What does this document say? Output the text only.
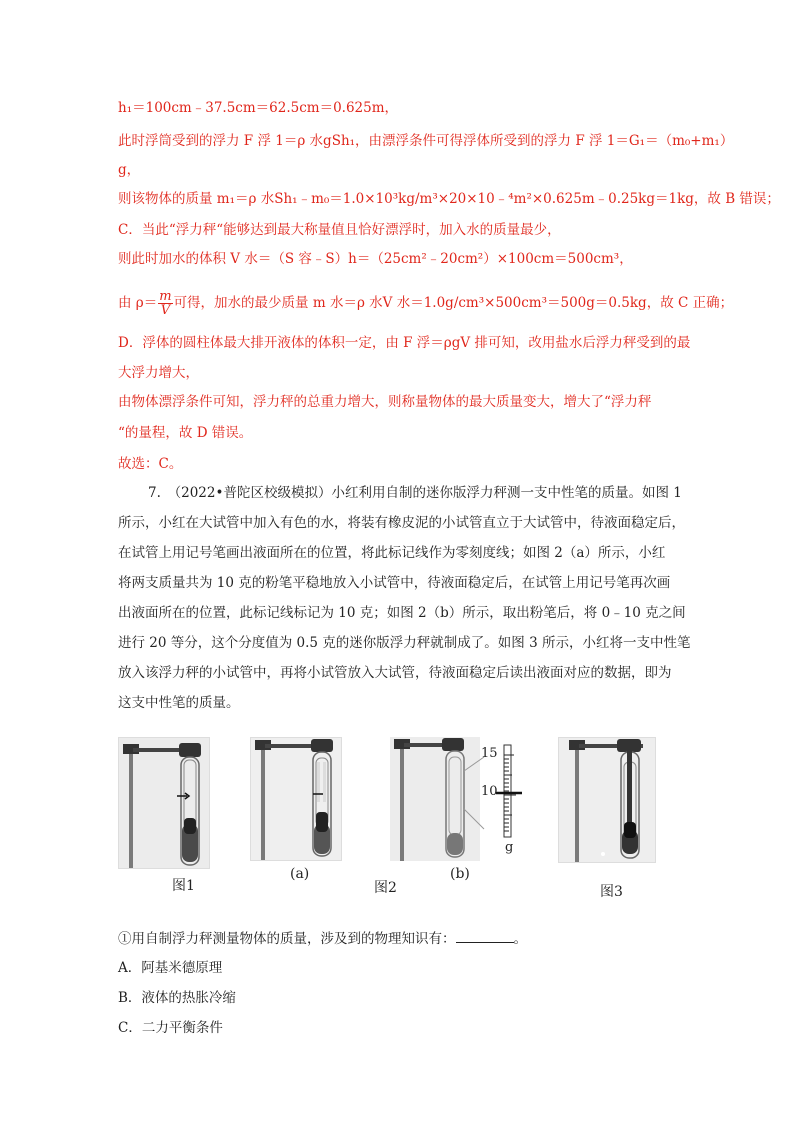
h₁＝100cm﹣37.5cm＝62.5cm＝0.625m，
此时浮筒受到的浮力 F 浮 1＝ρ 水gSh₁，由漂浮条件可得浮体所受到的浮力 F 浮 1＝G₁＝（m₀+m₁）
g，
则该物体的质量 m₁＝ρ 水Sh₁﹣m₀＝1.0×10³kg/m³×20×10﹣⁴m²×0.625m﹣0.25kg＝1kg，故 B 错误；
C．当此“浮力秤“能够达到最大称量值且恰好漂浮时，加入水的质量最少，
则此时加水的体积 V 水＝（S 容﹣S）h＝（25cm²﹣20cm²）×100cm＝500cm³，
由 $\rho= \frac{m}{V}$ 可得，加水的最少质量 m 水＝ρ 水V 水＝1.0g/cm³×500cm³＝500g＝0.5kg，故 C 正确；
D．浮体的圆柱体最大排开液体的体积一定，由 F 浮＝ρgV 排可知，改用盐水后浮力秤受到的最
大浮力增大，
由物体漂浮条件可知，浮力秤的总重力增大，则称量物体的最大质量变大，增大了“浮力秤
“的量程，故 D 错误。
故选：C。
7.　（2022•普陀区校级模拟）小红利用自制的迷你版浮力秤测一支中性笔的质量。如图 1
所示，小红在大试管中加入有色的水，将装有橡皮泥的小试管直立于大试管中，待液面稳定后，
在试管上用记号笔画出液面所在的位置，将此标记线作为零刻度线；如图 2（a）所示，小红
将两支质量共为 10 克的粉笔平稳地放入小试管中，待液面稳定后，在试管上用记号笔再次画
出液面所在的位置，此标记线标记为 10 克；如图 2（b）所示，取出粉笔后，将 0﹣10 克之间
进行 20 等分，这个分度值为 0.5 克的迷你版浮力秤就制成了。如图 3 所示，小红将一支中性笔
放入该浮力秤的小试管中，再将小试管放入大试管，待液面稳定后读出液面对应的数据，即为
这支中性笔的质量。
15
10
g
图1
(a)
图2
(b)
图3
①用自制浮力秤测量物体的质量，涉及到的物理知识有：	。
A．阿基米德原理
B．液体的热胀冷缩
C．二力平衡条件
